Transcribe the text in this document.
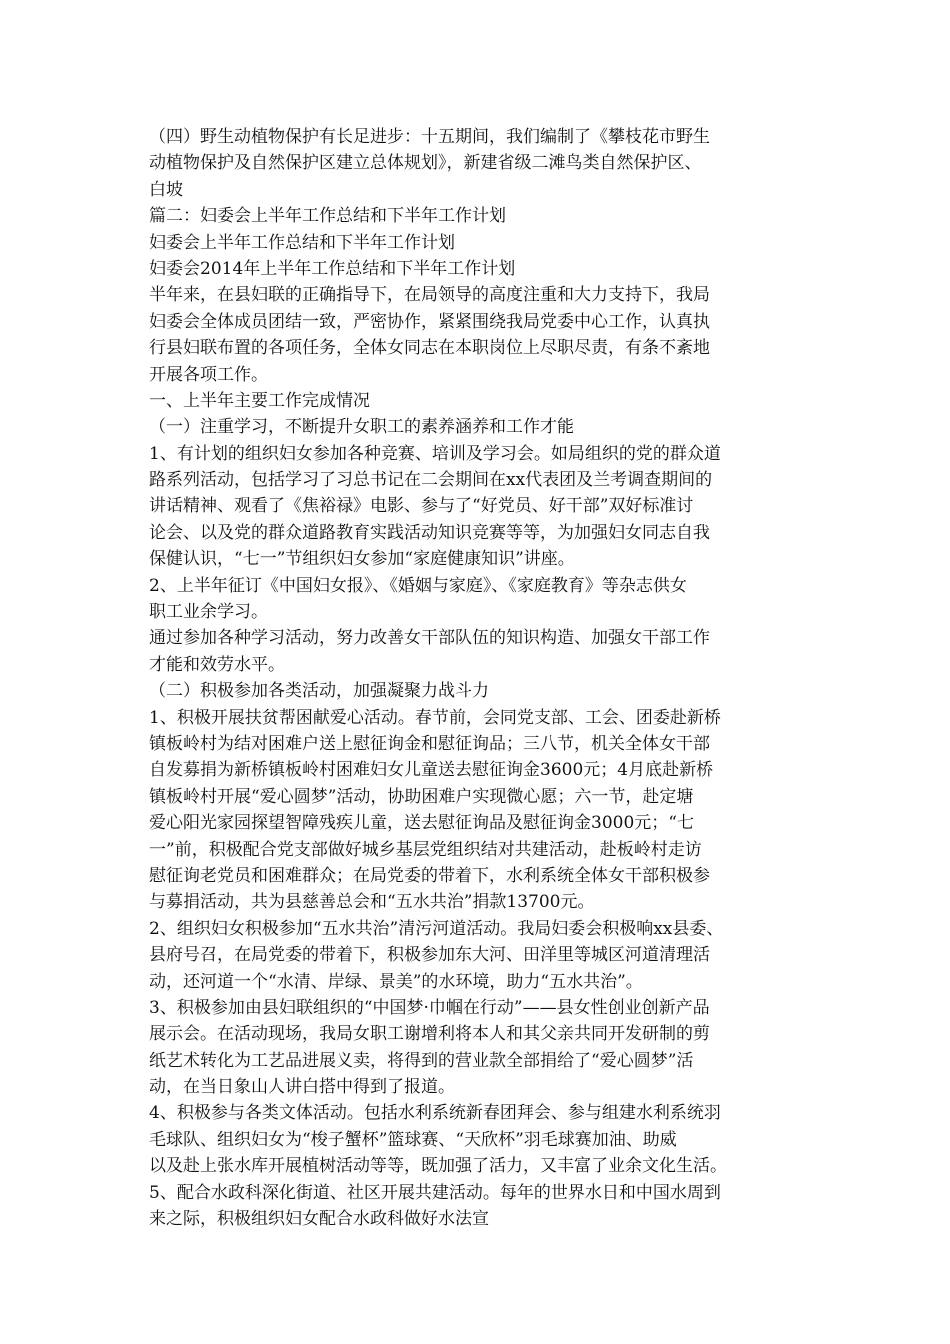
（四）野生动植物保护有长足进步：十五期间，我们编制了《攀枝花市野生
动植物保护及自然保护区建立总体规划》，新建省级二滩鸟类自然保护区、
白坡
篇二：妇委会上半年工作总结和下半年工作计划
妇委会上半年工作总结和下半年工作计划
妇委会2014年上半年工作总结和下半年工作计划
半年来，在县妇联的正确指导下，在局领导的高度注重和大力支持下，我局
妇委会全体成员团结一致，严密协作，紧紧围绕我局党委中心工作，认真执
行县妇联布置的各项任务，全体女同志在本职岗位上尽职尽责，有条不紊地
开展各项工作。
一、上半年主要工作完成情况
（一）注重学习，不断提升女职工的素养涵养和工作才能
1、有计划的组织妇女参加各种竞赛、培训及学习会。如局组织的党的群众道
路系列活动，包括学习了习总书记在二会期间在xx代表团及兰考调查期间的
讲话精神、观看了《焦裕禄》电影、参与了“好党员、好干部”双好标准讨
论会、以及党的群众道路教育实践活动知识竞赛等等，为加强妇女同志自我
保健认识，“七一”节组织妇女参加“家庭健康知识”讲座。
2、上半年征订《中国妇女报》、《婚姻与家庭》、《家庭教育》等杂志供女
职工业余学习。
通过参加各种学习活动，努力改善女干部队伍的知识构造、加强女干部工作
才能和效劳水平。
（二）积极参加各类活动，加强凝聚力战斗力
1、积极开展扶贫帮困献爱心活动。春节前，会同党支部、工会、团委赴新桥
镇板岭村为结对困难户送上慰征询金和慰征询品；三八节，机关全体女干部
自发募捐为新桥镇板岭村困难妇女儿童送去慰征询金3600元；4月底赴新桥
镇板岭村开展“爱心圆梦”活动，协助困难户实现微心愿；六一节，赴定塘
爱心阳光家园探望智障残疾儿童，送去慰征询品及慰征询金3000元；“七
一”前，积极配合党支部做好城乡基层党组织结对共建活动，赴板岭村走访
慰征询老党员和困难群众；在局党委的带着下，水利系统全体女干部积极参
与募捐活动，共为县慈善总会和“五水共治”捐款13700元。
2、组织妇女积极参加“五水共治”清污河道活动。我局妇委会积极响xx县委、
县府号召，在局党委的带着下，积极参加东大河、田洋里等城区河道清理活
动，还河道一个“水清、岸绿、景美”的水环境，助力“五水共治”。
3、积极参加由县妇联组织的“中国梦·巾帼在行动”——县女性创业创新产品
展示会。在活动现场，我局女职工谢增利将本人和其父亲共同开发研制的剪
纸艺术转化为工艺品进展义卖，将得到的营业款全部捐给了“爱心圆梦”活
动，在当日象山人讲白搭中得到了报道。
4、积极参与各类文体活动。包括水利系统新春团拜会、参与组建水利系统羽
毛球队、组织妇女为“梭子蟹杯”篮球赛、“天欣杯”羽毛球赛加油、助威
以及赴上张水库开展植树活动等等，既加强了活力，又丰富了业余文化生活。
5、配合水政科深化街道、社区开展共建活动。每年的世界水日和中国水周到
来之际，积极组织妇女配合水政科做好水法宣
